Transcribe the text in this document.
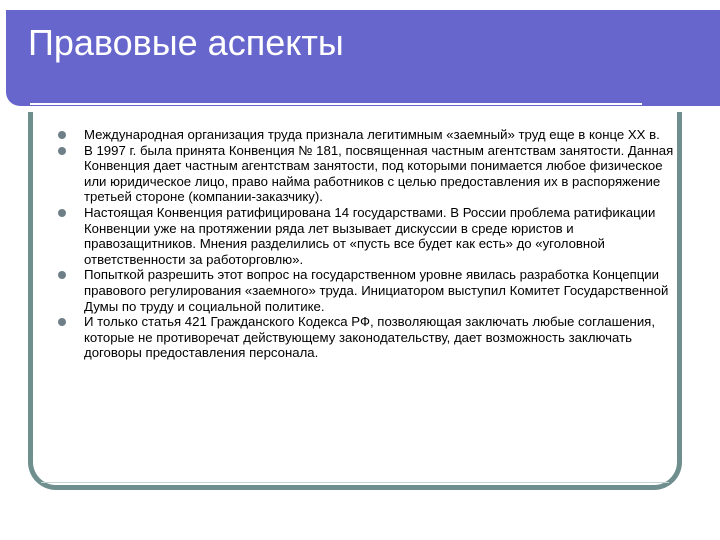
Правовые аспекты
Международная организация труда признала легитимным «заемный» труд еще в конце XX в.
В 1997 г. была принята Конвенция № 181, посвященная частным агентствам занятости. Данная Конвенция дает частным агентствам занятости, под которыми понимается любое физическое или юридическое лицо, право найма работников с целью предоставления их в распоряжение третьей стороне (компании-заказчику).
Настоящая Конвенция ратифицирована 14 государствами. В России проблема ратификации Конвенции уже на протяжении ряда лет вызывает дискуссии в среде юристов и правозащитников. Мнения разделились от «пусть все будет как есть» до «уголовной ответственности за работорговлю».
Попыткой разрешить этот вопрос на государственном уровне явилась разработка Концепции правового регулирования «заемного» труда. Инициатором выступил Комитет Государственной Думы по труду и социальной политике.
И только статья 421 Гражданского Кодекса РФ, позволяющая заключать любые соглашения, которые не противоречат действующему законодательству, дает возможность заключать договоры предоставления персонала.
